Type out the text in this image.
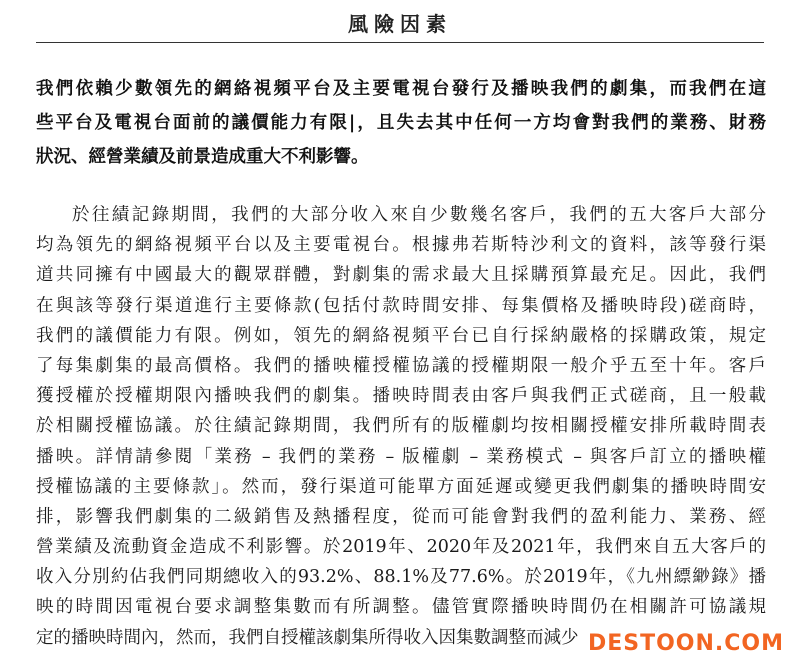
風險因素
我們依賴少數領先的網絡視頻平台及主要電視台發行及播映我們的劇集，而我們在這
些平台及電視台面前的議價能力有限|，且失去其中任何一方均會對我們的業務、財務
狀況、經營業績及前景造成重大不利影響。
於往績記錄期間，我們的大部分收入來自少數幾名客戶，我們的五大客戶大部分
均為領先的網絡視頻平台以及主要電視台。根據弗若斯特沙利文的資料，該等發行渠
道共同擁有中國最大的觀眾群體，對劇集的需求最大且採購預算最充足。因此，我們
在與該等發行渠道進行主要條款(包括付款時間安排、每集價格及播映時段)磋商時，
我們的議價能力有限。例如，領先的網絡視頻平台已自行採納嚴格的採購政策，規定
了每集劇集的最高價格。我們的播映權授權協議的授權期限一般介乎五至十年。客戶
獲授權於授權期限內播映我們的劇集。播映時間表由客戶與我們正式磋商，且一般載
於相關授權協議。於往績記錄期間，我們所有的版權劇均按相關授權安排所載時間表
播映。詳情請參閱「業務 – 我們的業務 – 版權劇 – 業務模式 – 與客戶訂立的播映權
授權協議的主要條款」。然而，發行渠道可能單方面延遲或變更我們劇集的播映時間安
排，影響我們劇集的二級銷售及熱播程度，從而可能會對我們的盈利能力、業務、經
營業績及流動資金造成不利影響。於2019年、2020年及2021年，我們來自五大客戶的
收入分別約佔我們同期總收入的93.2%、88.1%及77.6%。於2019年，《九州縹緲錄》播
映的時間因電視台要求調整集數而有所調整。儘管實際播映時間仍在相關許可協議規
定的播映時間內，然而，我們自授權該劇集所得收入因集數調整而減少 DESTOON.COM
